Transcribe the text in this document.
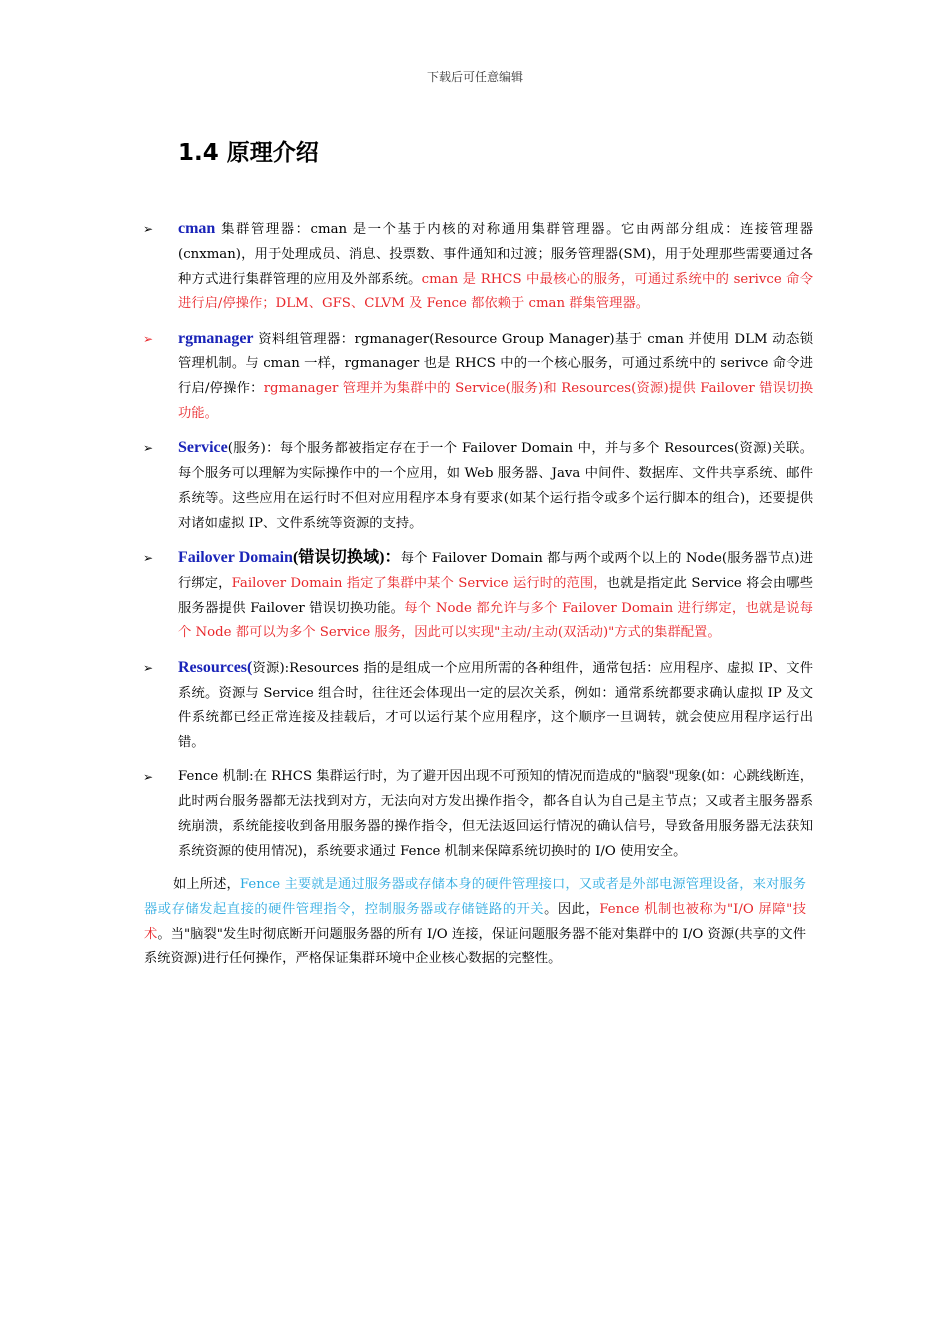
下载后可任意编辑
1.4 原理介绍
➢ cman 集群管理器：cman 是一个基于内核的对称通用集群管理器。它由两部分组成：连接管理器(cnxman)，用于处理成员、消息、投票数、事件通知和过渡；服务管理器(SM)，用于处理那些需要通过各种方式进行集群管理的应用及外部系统。cman 是 RHCS 中最核心的服务，可通过系统中的 serivce 命令进行启/停操作；DLM、GFS、CLVM 及 Fence 都依赖于 cman 群集管理器。
➢ rgmanager 资料组管理器：rgmanager(Resource Group Manager)基于 cman 并使用 DLM 动态锁管理机制。与 cman 一样，rgmanager 也是 RHCS 中的一个核心服务，可通过系统中的 serivce 命令进行启/停操作：rgmanager 管理并为集群中的 Service(服务)和 Resources(资源)提供 Failover 错误切换功能。
➢ Service(服务)：每个服务都被指定存在于一个 Failover Domain 中，并与多个 Resources(资源)关联。每个服务可以理解为实际操作中的一个应用，如 Web 服务器、Java 中间件、数据库、文件共享系统、邮件系统等。这些应用在运行时不但对应用程序本身有要求(如某个运行指令或多个运行脚本的组合)，还要提供对诸如虚拟 IP、文件系统等资源的支持。
➢ Failover Domain(错误切换域)：每个 Failover Domain 都与两个或两个以上的 Node(服务器节点)进行绑定，Failover Domain 指定了集群中某个 Service 运行时的范围，也就是指定此 Service 将会由哪些服务器提供 Failover 错误切换功能。每个 Node 都允许与多个 Failover Domain 进行绑定，也就是说每个 Node 都可以为多个 Service 服务，因此可以实现"主动/主动(双活动)"方式的集群配置。
➢ Resources(资源):Resources 指的是组成一个应用所需的各种组件，通常包括：应用程序、虚拟 IP、文件系统。资源与 Service 组合时，往往还会体现出一定的层次关系，例如：通常系统都要求确认虚拟 IP 及文件系统都已经正常连接及挂载后，才可以运行某个应用程序，这个顺序一旦调转，就会使应用程序运行出错。
➢ Fence 机制:在 RHCS 集群运行时，为了避开因出现不可预知的情况而造成的"脑裂"现象(如：心跳线断连，此时两台服务器都无法找到对方，无法向对方发出操作指令，都各自认为自己是主节点；又或者主服务器系统崩溃，系统能接收到备用服务器的操作指令，但无法返回运行情况的确认信号，导致备用服务器无法获知系统资源的使用情况)，系统要求通过 Fence 机制来保障系统切换时的 I/O 使用安全。

如上所述，Fence 主要就是通过服务器或存储本身的硬件管理接口，又或者是外部电源管理设备，来对服务器或存储发起直接的硬件管理指令，控制服务器或存储链路的开关。因此，Fence 机制也被称为"I/O 屏障"技术。当"脑裂"发生时彻底断开问题服务器的所有 I/O 连接，保证问题服务器不能对集群中的 I/O 资源(共享的文件系统资源)进行任何操作，严格保证集群环境中企业核心数据的完整性。
